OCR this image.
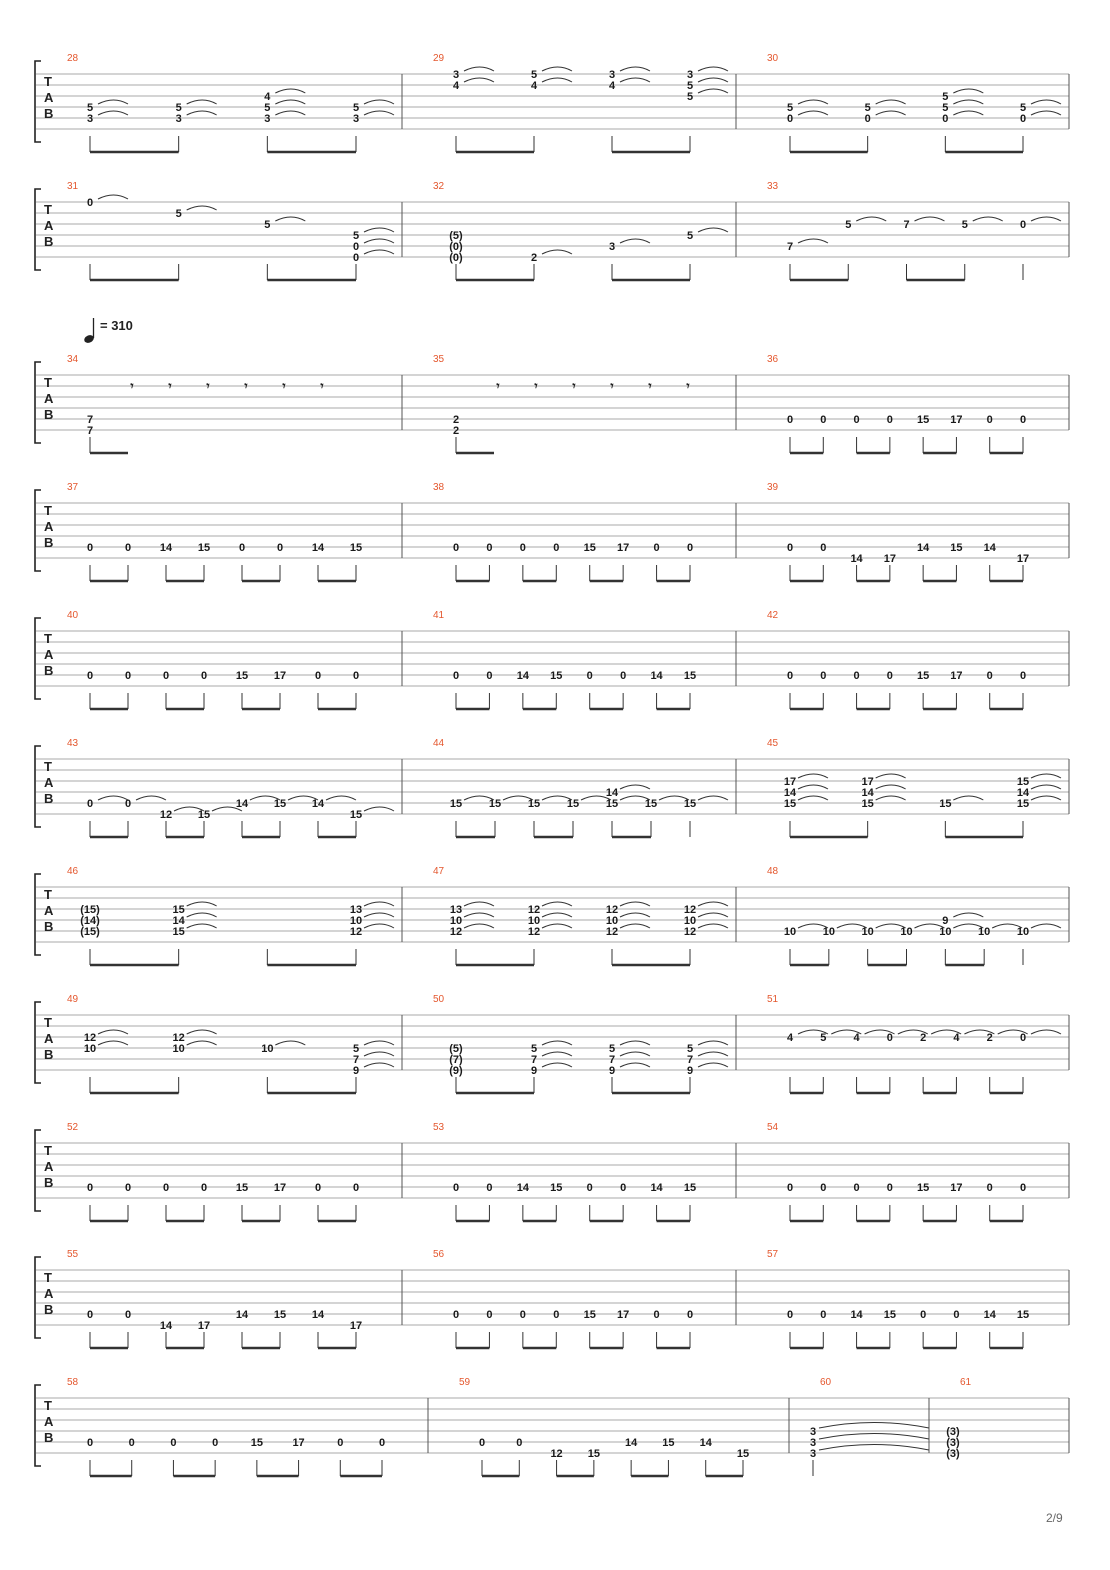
T
A
B
28
5
3
5
3
4
5
3
5
3
29
3
4
5
4
3
4
3
5
5
30
5
0
5
0
5
5
0
5
0
T
A
B
31
0
5
5
5
0
0
32
(5)
(0)
(0)	2
3
5
33
7
5	7	5	0
T
A
B
34
7
7
𝄾	𝄾	𝄾	𝄾	𝄾	𝄾
35
2
2
𝄾	𝄾	𝄾	𝄾	𝄾	𝄾
36
0 0 0 0 15 17 0 0
T
A
B
37
0	0	14 15	0	0	14 15
38
0 0 0 0 15 17 0 0
39
0 0
14 17
14 15 14
17
T
A
B
40
0	0	0	0	15 17	0	0
41
0 0 14 15 0 0 14 15
42
0 0 0 0 15 17 0 0
T
A
B
43
0	0
12 15
14 15 14
15
44
15 15 15 15
14
15 15 15
45
17
14
15
17
14
15	15
15
14
15
T
A
B
46
(15)
(14)
(15)
15
14
15
13
10
12
47
13
10
12
12
10
12
12
10
12
12
10
12
48
10 10 10 10
9
10 10 10
T
A
B
49
12
10
12
10	10	5
7
9
50
(5)
(7)
(9)
5
7
9
5
7
9
5
7
9
51
4 5 4 0 2 4 2 0
T
A
B
52
0	0	0	0	15 17	0	0
53
0 0 14 15 0 0 14 15
54
0 0 0 0 15 17 0 0
T
A
B
55
0	0
14 17
14 15 14
17
56
0 0 0 0 15 17 0 0
57
0 0 14 15 0 0 14 15
T
A
B
58
0	0	0	0	15	17	0	0
59
0	0
12 15
14 15 14
15
60
3
3
3
61
(3)
(3)
(3)
= 310
2/9
